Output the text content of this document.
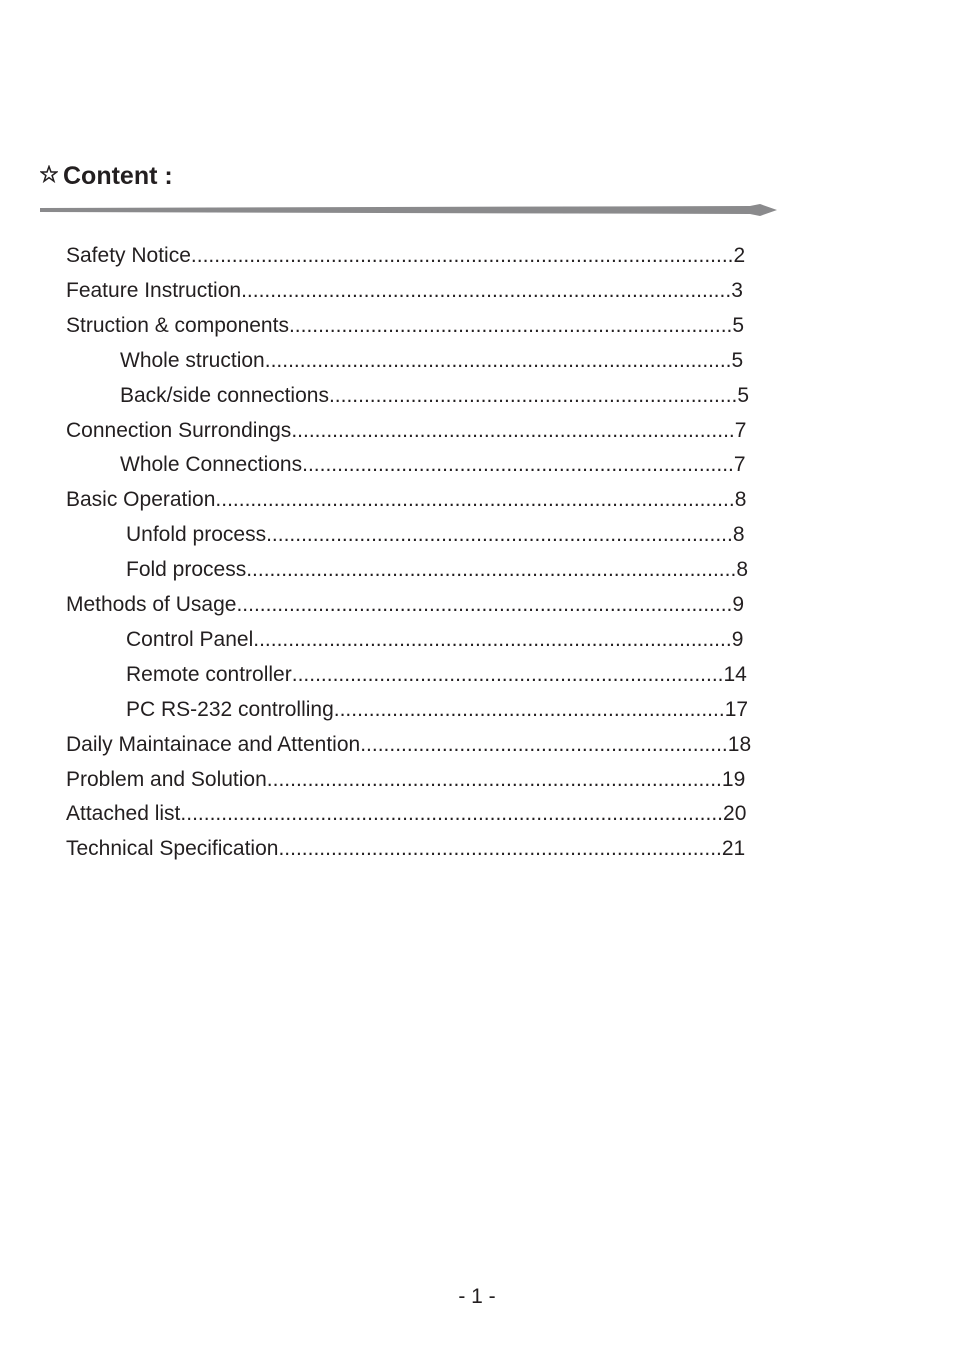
Content :
Safety Notice.............................................................................................2
Feature Instruction....................................................................................3
Struction & components............................................................................5
Whole struction................................................................................5
Back/side connections......................................................................5
Connection Surrondings............................................................................7
Whole Connections..........................................................................7
Basic Operation.........................................................................................8
Unfold process................................................................................8
Fold process....................................................................................8
Methods of Usage.....................................................................................9
Control Panel..................................................................................9
Remote controller..........................................................................14
PC RS-232 controlling...................................................................17
Daily Maintainace and Attention...............................................................18
Problem and Solution..............................................................................19
Attached list.............................................................................................20
Technical Specification............................................................................21
- 1 -
